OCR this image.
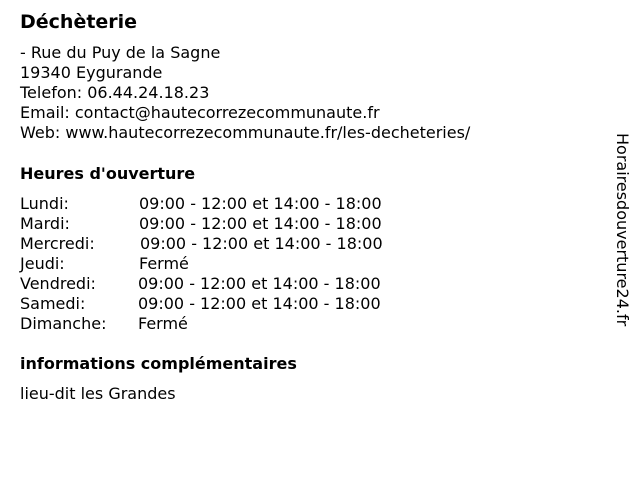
Déchèterie
- Rue du Puy de la Sagne
19340 Eygurande
Telefon: 06.44.24.18.23
Email: contact@hautecorrezecommunaute.fr
Web: www.hautecorrezecommunaute.fr/les-decheteries/
Heures d'ouverture
Lundi:	09:00 - 12:00 et 14:00 - 18:00
Mardi:	09:00 - 12:00 et 14:00 - 18:00
Mercredi:	09:00 - 12:00 et 14:00 - 18:00
Jeudi:	Fermé
Vendredi:	09:00 - 12:00 et 14:00 - 18:00
Samedi:	09:00 - 12:00 et 14:00 - 18:00
Dimanche: Fermé
informations complémentaires
lieu-dit les Grandes
Horairesdouverture24.fr
